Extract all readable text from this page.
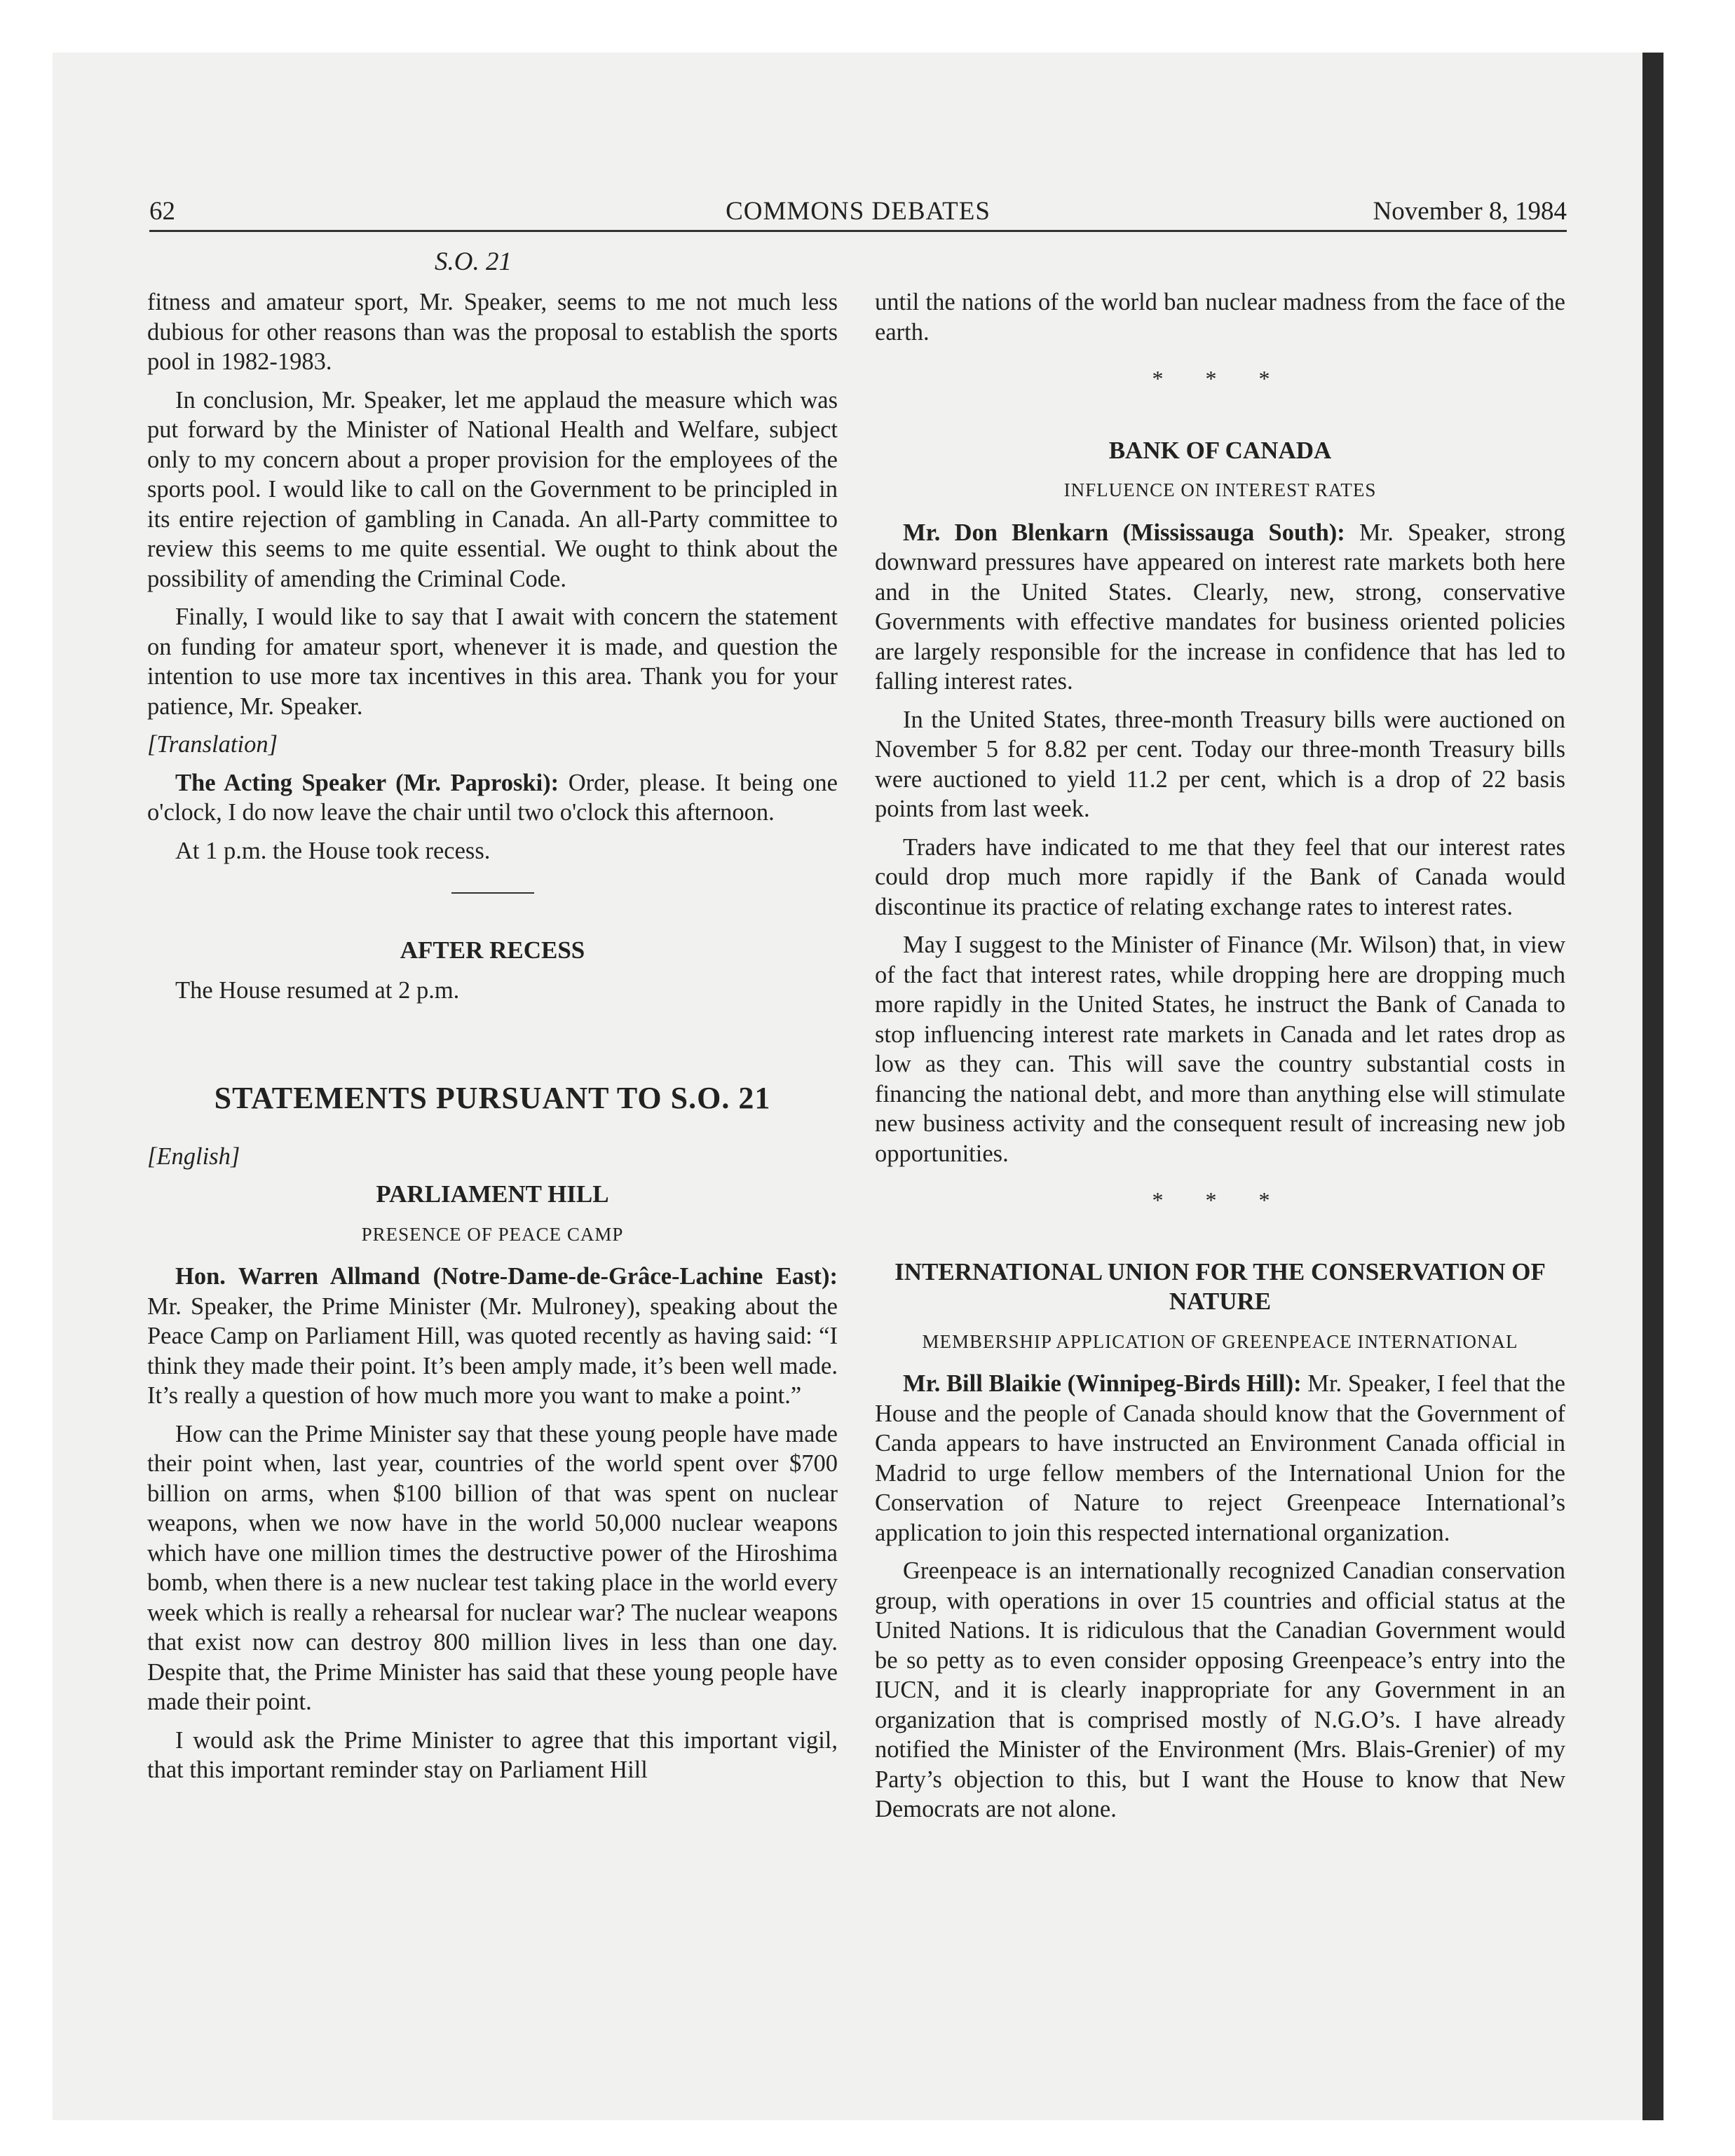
62	COMMONS DEBATES	November 8, 1984
S.O. 21

fitness and amateur sport, Mr. Speaker, seems to me not much less dubious for other reasons than was the proposal to establish the sports pool in 1982-1983.

In conclusion, Mr. Speaker, let me applaud the measure which was put forward by the Minister of National Health and Welfare, subject only to my concern about a proper provision for the employees of the sports pool. I would like to call on the Government to be principled in its entire rejection of gambling in Canada. An all-Party committee to review this seems to me quite essential. We ought to think about the possibility of amending the Criminal Code.

Finally, I would like to say that I await with concern the statement on funding for amateur sport, whenever it is made, and question the intention to use more tax incentives in this area. Thank you for your patience, Mr. Speaker.

[Translation]

The Acting Speaker (Mr. Paproski): Order, please. It being one o'clock, I do now leave the chair until two o'clock this afternoon.

At 1 p.m. the House took recess.

AFTER RECESS

The House resumed at 2 p.m.

STATEMENTS PURSUANT TO S.O. 21

[English]

PARLIAMENT HILL
PRESENCE OF PEACE CAMP

Hon. Warren Allmand (Notre-Dame-de-Grâce-Lachine East): Mr. Speaker, the Prime Minister (Mr. Mulroney), speaking about the Peace Camp on Parliament Hill, was quoted recently as having said: “I think they made their point. It’s been amply made, it’s been well made. It’s really a question of how much more you want to make a point.”

How can the Prime Minister say that these young people have made their point when, last year, countries of the world spent over $700 billion on arms, when $100 billion of that was spent on nuclear weapons, when we now have in the world 50,000 nuclear weapons which have one million times the destructive power of the Hiroshima bomb, when there is a new nuclear test taking place in the world every week which is really a rehearsal for nuclear war? The nuclear weapons that exist now can destroy 800 million lives in less than one day. Despite that, the Prime Minister has said that these young people have made their point.

I would ask the Prime Minister to agree that this important vigil, that this important reminder stay on Parliament Hill

until the nations of the world ban nuclear madness from the face of the earth.

* * *
BANK OF CANADA
INFLUENCE ON INTEREST RATES

Mr. Don Blenkarn (Mississauga South): Mr. Speaker, strong downward pressures have appeared on interest rate markets both here and in the United States. Clearly, new, strong, conservative Governments with effective mandates for business oriented policies are largely responsible for the increase in confidence that has led to falling interest rates.

In the United States, three-month Treasury bills were auctioned on November 5 for 8.82 per cent. Today our three-month Treasury bills were auctioned to yield 11.2 per cent, which is a drop of 22 basis points from last week.

Traders have indicated to me that they feel that our interest rates could drop much more rapidly if the Bank of Canada would discontinue its practice of relating exchange rates to interest rates.

May I suggest to the Minister of Finance (Mr. Wilson) that, in view of the fact that interest rates, while dropping here are dropping much more rapidly in the United States, he instruct the Bank of Canada to stop influencing interest rate markets in Canada and let rates drop as low as they can. This will save the country substantial costs in financing the national debt, and more than anything else will stimulate new business activity and the consequent result of increasing new job opportunities.

* * *
INTERNATIONAL UNION FOR THE CONSERVATION OF NATURE
MEMBERSHIP APPLICATION OF GREENPEACE INTERNATIONAL

Mr. Bill Blaikie (Winnipeg-Birds Hill): Mr. Speaker, I feel that the House and the people of Canada should know that the Government of Canda appears to have instructed an Environment Canada official in Madrid to urge fellow members of the International Union for the Conservation of Nature to reject Greenpeace International’s application to join this respected international organization.

Greenpeace is an internationally recognized Canadian conservation group, with operations in over 15 countries and official status at the United Nations. It is ridiculous that the Canadian Government would be so petty as to even consider opposing Greenpeace’s entry into the IUCN, and it is clearly inappropriate for any Government in an organization that is comprised mostly of N.G.O’s. I have already notified the Minister of the Environment (Mrs. Blais-Grenier) of my Party’s objection to this, but I want the House to know that New Democrats are not alone.
